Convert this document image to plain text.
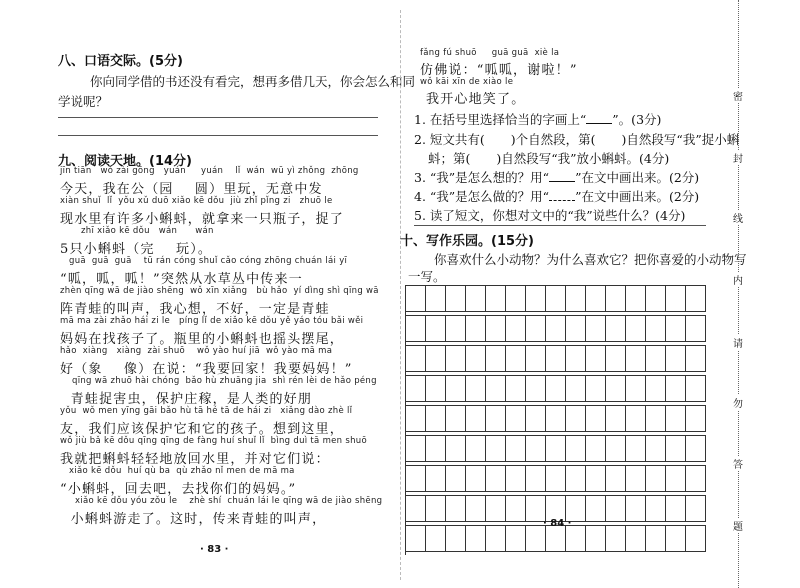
八、口语交际。(5分)
你向同学借的书还没有看完，想再多借几天，你会怎么和同
学说呢？
九、阅读天地。(14分)
jīn tiān   wǒ zài gōng   yuán     yuán    lǐ  wán  wū yì zhǒng  zhōng
今天，我在公（园    圆）里玩，无意中发
xiàn shuǐ  lǐ  yǒu xǔ duō xiǎo kē dǒu  jiù zhǐ pǐng zi   zhuō le
现水里有许多小蝌蚪，就拿来一只瓶子，捉了
zhī xiǎo kē dǒu   wán      wán
5只小蝌蚪（完    玩）。
guā  guā  guā    tū rán cóng shuǐ cǎo cóng zhōng chuán lái yī
“呱，呱，呱！”突然从水草丛中传来一
zhèn qīng wā de jiào shēng  wǒ xīn xiǎng   bù hǎo  yí dìng shì qīng wā
阵青蛙的叫声，我心想，不好，一定是青蛙
mā ma zài zhǎo hái zi le   píng lǐ de xiǎo kē dǒu yě yáo tóu bǎi wěi
妈妈在找孩子了。瓶里的小蝌蚪也摇头摆尾，
hǎo  xiàng   xiàng  zài shuō    wǒ yào huí jiā  wǒ yào mā ma
好（象    像）在说：“我要回家！我要妈妈！”
qīng wā zhuō hài chóng  bǎo hù zhuāng jia  shì rén lèi de hǎo péng
青蛙捉害虫，保护庄稼，是人类的好朋
yǒu  wǒ men yīng gāi bǎo hù tā hé tā de hái zi   xiǎng dào zhè lǐ
友，我们应该保护它和它的孩子。想到这里，
wǒ jiù bǎ kē dǒu qīng qīng de fàng huí shuǐ lǐ  bìng duì tā men shuō
我就把蝌蚪轻轻地放回水里，并对它们说：
xiǎo kē dǒu  huí qù ba  qù zhǎo nǐ men de mā ma
“小蝌蚪，回去吧，去找你们的妈妈。”
xiǎo kē dǒu yóu zǒu le    zhè shí  chuán lái le qīng wā de jiào shēng
小蝌蚪游走了。这时，传来青蛙的叫声，
· 83 ·
fǎng fú shuō     guā guā  xiè la
仿佛说：“呱呱，谢啦！”
wǒ kāi xīn de xiào le
我开心地笑了。
1. 在括号里选择恰当的字画上“ ”。(3分)
2. 短文共有( )个自然段，第( )自然段写“我”捉小蝌
蚪；第( )自然段写“我”放小蝌蚪。(4分)
3. “我”是怎么想的？用“ ”在文中画出来。(2分)
4. “我”是怎么做的？用“ ”在文中画出来。(2分)
5. 读了短文，你想对文中的“我”说些什么？(4分)
十、写作乐园。(15分)
你喜欢什么小动物？为什么喜欢它？把你喜爱的小动物写
一写。
· 84 ·
密
封
线
内
请
勿
答
题
